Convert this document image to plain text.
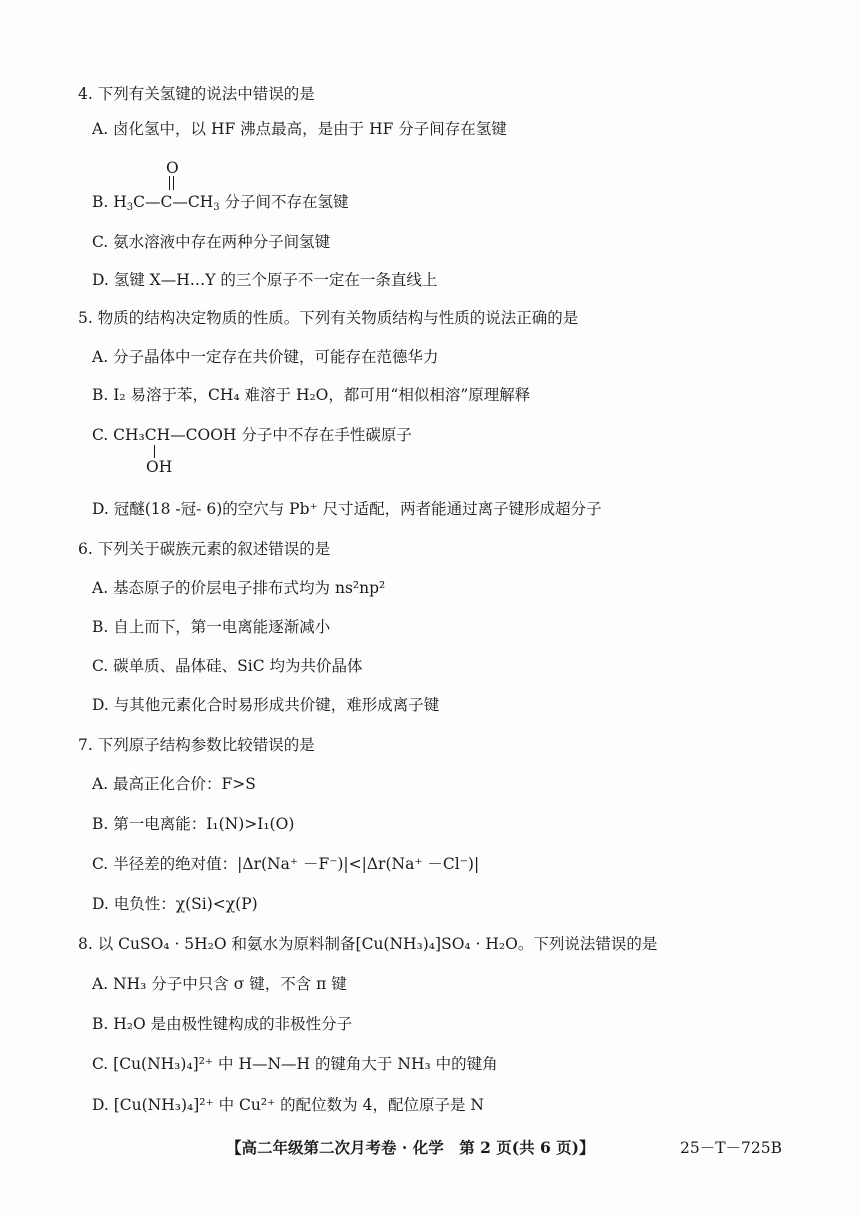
4. 下列有关氢键的说法中错误的是
A. 卤化氢中，以 HF 沸点最高，是由于 HF 分子间存在氢键
O
B. $H_3C—C—CH_3$ 分子间不存在氢键
C. 氨水溶液中存在两种分子间氢键
D. 氢键 X—H…Y 的三个原子不一定在一条直线上
5. 物质的结构决定物质的性质。下列有关物质结构与性质的说法正确的是
A. 分子晶体中一定存在共价键，可能存在范德华力
B. I₂ 易溶于苯，CH₄ 难溶于 H₂O，都可用“相似相溶”原理解释
C. CH₃CH—COOH 分子中不存在手性碳原子
OH
D. 冠醚(18 -冠- 6)的空穴与 Pb⁺ 尺寸适配，两者能通过离子键形成超分子
6. 下列关于碳族元素的叙述错误的是
A. 基态原子的价层电子排布式均为 ns²np²
B. 自上而下，第一电离能逐渐减小
C. 碳单质、晶体硅、SiC 均为共价晶体
D. 与其他元素化合时易形成共价键，难形成离子键
7. 下列原子结构参数比较错误的是
A. 最高正化合价：F>S
B. 第一电离能：I₁(N)>I₁(O)
C. 半径差的绝对值：|Δr(Na⁺ －F⁻)|<|Δr(Na⁺ －Cl⁻)|
D. 电负性：χ(Si)<χ(P)
8. 以 CuSO₄ · 5H₂O 和氨水为原料制备[Cu(NH₃)₄]SO₄ · H₂O。下列说法错误的是
A. NH₃ 分子中只含 σ 键，不含 π 键
B. H₂O 是由极性键构成的非极性分子
C. [Cu(NH₃)₄]²⁺ 中 H—N—H 的键角大于 NH₃ 中的键角
D. [Cu(NH₃)₄]²⁺ 中 Cu²⁺ 的配位数为 4，配位原子是 N
【高二年级第二次月考卷 · 化学　第 2 页(共 6 页)】	25－T－725B
